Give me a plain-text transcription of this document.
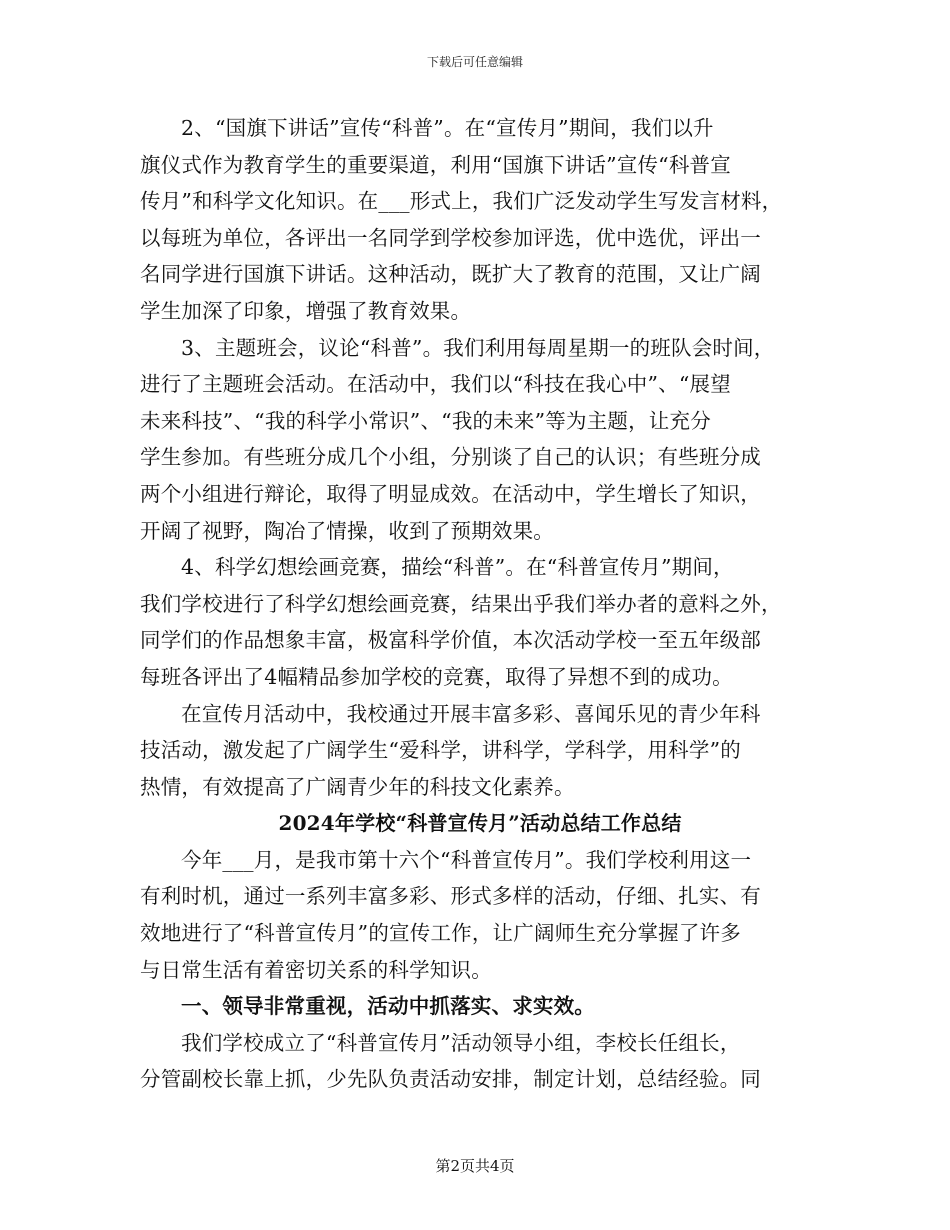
下载后可任意编辑
2、“国旗下讲话”宣传“科普”。在“宣传月”期间，我们以升
旗仪式作为教育学生的重要渠道，利用“国旗下讲话”宣传“科普宣
传月”和科学文化知识。在___形式上，我们广泛发动学生写发言材料，
以每班为单位，各评出一名同学到学校参加评选，优中选优，评出一
名同学进行国旗下讲话。这种活动，既扩大了教育的范围，又让广阔
学生加深了印象，增强了教育效果。
3、主题班会，议论“科普”。我们利用每周星期一的班队会时间，
进行了主题班会活动。在活动中，我们以“科技在我心中”、“展望
未来科技”、“我的科学小常识”、“我的未来”等为主题，让充分
学生参加。有些班分成几个小组，分别谈了自己的认识；有些班分成
两个小组进行辩论，取得了明显成效。在活动中，学生增长了知识，
开阔了视野，陶冶了情操，收到了预期效果。
4、科学幻想绘画竞赛，描绘“科普”。在“科普宣传月”期间，
我们学校进行了科学幻想绘画竞赛，结果出乎我们举办者的意料之外，
同学们的作品想象丰富，极富科学价值，本次活动学校一至五年级部
每班各评出了4幅精品参加学校的竞赛，取得了异想不到的成功。
在宣传月活动中，我校通过开展丰富多彩、喜闻乐见的青少年科
技活动，激发起了广阔学生“爱科学，讲科学，学科学，用科学”的
热情，有效提高了广阔青少年的科技文化素养。
2024年学校“科普宣传月”活动总结工作总结
今年___月，是我市第十六个“科普宣传月”。我们学校利用这一
有利时机，通过一系列丰富多彩、形式多样的活动，仔细、扎实、有
效地进行了“科普宣传月”的宣传工作，让广阔师生充分掌握了许多
与日常生活有着密切关系的科学知识。
一、领导非常重视，活动中抓落实、求实效。
我们学校成立了“科普宣传月”活动领导小组，李校长任组长，
分管副校长靠上抓，少先队负责活动安排，制定计划，总结经验。同
第2页共4页
